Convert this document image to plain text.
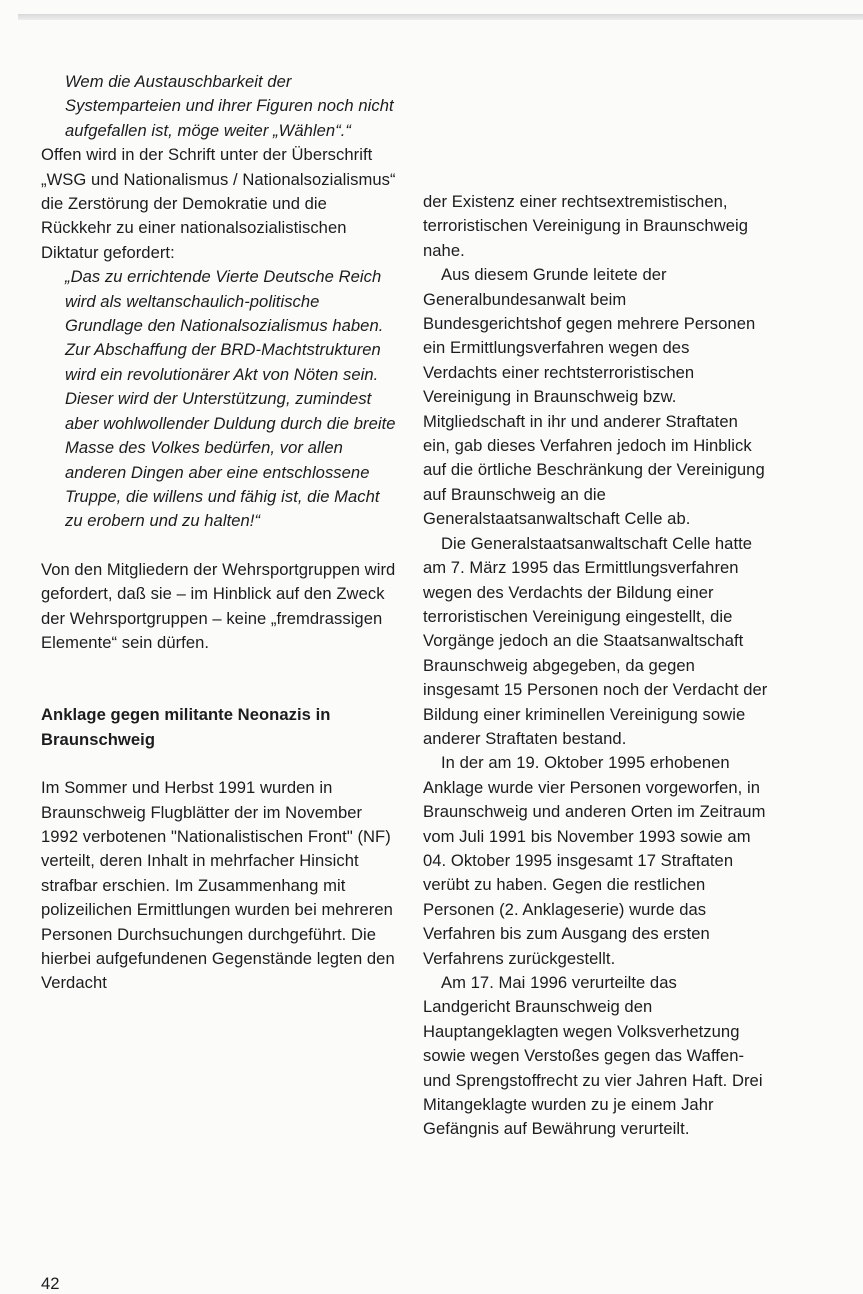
Wem die Austauschbarkeit der Systemparteien und ihrer Figuren noch nicht aufgefallen ist, möge weiter „Wählen“.“

Offen wird in der Schrift unter der Überschrift „WSG und Nationalismus / Nationalsozialismus“ die Zerstörung der Demokratie und die Rückkehr zu einer nationalsozialistischen Diktatur gefordert:

„Das zu errichtende Vierte Deutsche Reich wird als weltanschaulich-politische Grundlage den Nationalsozialismus haben. Zur Abschaffung der BRD-Machtstrukturen wird ein revolutionärer Akt von Nöten sein. Dieser wird der Unterstützung, zumindest aber wohlwollender Duldung durch die breite Masse des Volkes bedürfen, vor allen anderen Dingen aber eine entschlossene Truppe, die willens und fähig ist, die Macht zu erobern und zu halten!“

Von den Mitgliedern der Wehrsportgruppen wird gefordert, daß sie – im Hinblick auf den Zweck der Wehrsportgruppen – keine „fremdrassigen Elemente“ sein dürfen.

Anklage gegen militante Neonazis in Braunschweig

Im Sommer und Herbst 1991 wurden in Braunschweig Flugblätter der im November 1992 verbotenen "Nationalistischen Front" (NF) verteilt, deren Inhalt in mehrfacher Hinsicht strafbar erschien. Im Zusammenhang mit polizeilichen Ermittlungen wurden bei mehreren Personen Durchsuchungen durchgeführt. Die hierbei aufgefundenen Gegenstände legten den Verdacht

der Existenz einer rechtsextremistischen, terroristischen Vereinigung in Braunschweig nahe.

Aus diesem Grunde leitete der Generalbundesanwalt beim Bundesgerichtshof gegen mehrere Personen ein Ermittlungsverfahren wegen des Verdachts einer rechtsterroristischen Vereinigung in Braunschweig bzw. Mitgliedschaft in ihr und anderer Straftaten ein, gab dieses Verfahren jedoch im Hinblick auf die örtliche Beschränkung der Vereinigung auf Braunschweig an die Generalstaatsanwaltschaft Celle ab.

Die Generalstaatsanwaltschaft Celle hatte am 7. März 1995 das Ermittlungsverfahren wegen des Verdachts der Bildung einer terroristischen Vereinigung eingestellt, die Vorgänge jedoch an die Staatsanwaltschaft Braunschweig abgegeben, da gegen insgesamt 15 Personen noch der Verdacht der Bildung einer kriminellen Vereinigung sowie anderer Straftaten bestand.

In der am 19. Oktober 1995 erhobenen Anklage wurde vier Personen vorgeworfen, in Braunschweig und anderen Orten im Zeitraum vom Juli 1991 bis November 1993 sowie am 04. Oktober 1995 insgesamt 17 Straftaten verübt zu haben. Gegen die restlichen Personen (2. Anklageserie) wurde das Verfahren bis zum Ausgang des ersten Verfahrens zurückgestellt.

Am 17. Mai 1996 verurteilte das Landgericht Braunschweig den Hauptangeklagten wegen Volksverhetzung sowie wegen Verstoßes gegen das Waffen- und Sprengstoffrecht zu vier Jahren Haft. Drei Mitangeklagte wurden zu je einem Jahr Gefängnis auf Bewährung verurteilt.

42
